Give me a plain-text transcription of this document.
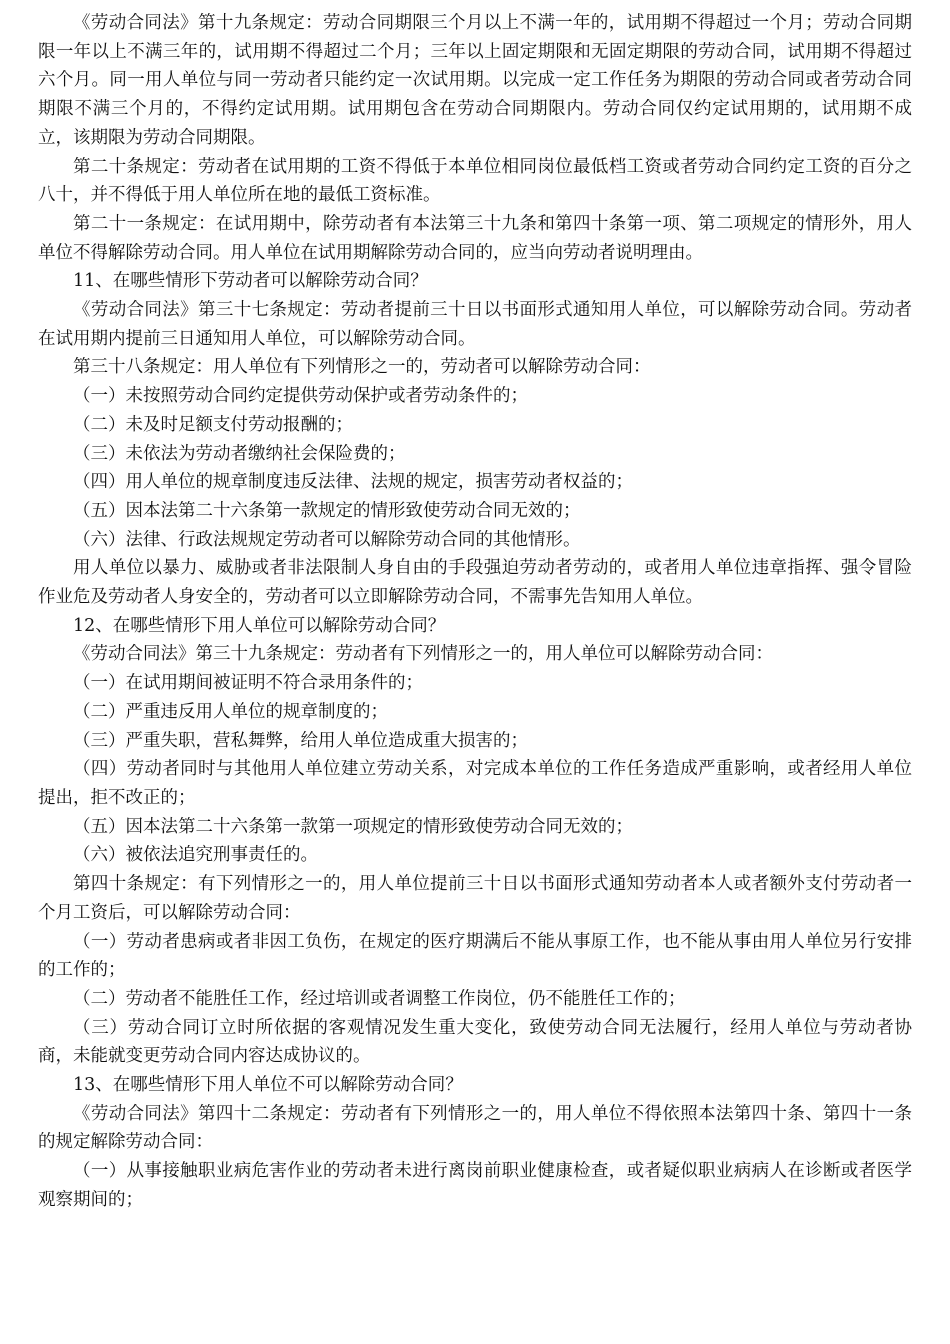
《劳动合同法》第十九条规定：劳动合同期限三个月以上不满一年的，试用期不得超过一个月；劳动合同期限一年以上不满三年的，试用期不得超过二个月；三年以上固定期限和无固定期限的劳动合同，试用期不得超过六个月。同一用人单位与同一劳动者只能约定一次试用期。以完成一定工作任务为期限的劳动合同或者劳动合同期限不满三个月的，不得约定试用期。试用期包含在劳动合同期限内。劳动合同仅约定试用期的，试用期不成立，该期限为劳动合同期限。

第二十条规定：劳动者在试用期的工资不得低于本单位相同岗位最低档工资或者劳动合同约定工资的百分之八十，并不得低于用人单位所在地的最低工资标准。

第二十一条规定：在试用期中，除劳动者有本法第三十九条和第四十条第一项、第二项规定的情形外，用人单位不得解除劳动合同。用人单位在试用期解除劳动合同的，应当向劳动者说明理由。

11、在哪些情形下劳动者可以解除劳动合同？

《劳动合同法》第三十七条规定：劳动者提前三十日以书面形式通知用人单位，可以解除劳动合同。劳动者在试用期内提前三日通知用人单位，可以解除劳动合同。

第三十八条规定：用人单位有下列情形之一的，劳动者可以解除劳动合同：

（一）未按照劳动合同约定提供劳动保护或者劳动条件的；

（二）未及时足额支付劳动报酬的；

（三）未依法为劳动者缴纳社会保险费的；

（四）用人单位的规章制度违反法律、法规的规定，损害劳动者权益的；

（五）因本法第二十六条第一款规定的情形致使劳动合同无效的；

（六）法律、行政法规规定劳动者可以解除劳动合同的其他情形。

用人单位以暴力、威胁或者非法限制人身自由的手段强迫劳动者劳动的，或者用人单位违章指挥、强令冒险作业危及劳动者人身安全的，劳动者可以立即解除劳动合同，不需事先告知用人单位。

12、在哪些情形下用人单位可以解除劳动合同？

《劳动合同法》第三十九条规定：劳动者有下列情形之一的，用人单位可以解除劳动合同：

（一）在试用期间被证明不符合录用条件的；

（二）严重违反用人单位的规章制度的；

（三）严重失职，营私舞弊，给用人单位造成重大损害的；

（四）劳动者同时与其他用人单位建立劳动关系，对完成本单位的工作任务造成严重影响，或者经用人单位提出，拒不改正的；

（五）因本法第二十六条第一款第一项规定的情形致使劳动合同无效的；

（六）被依法追究刑事责任的。

第四十条规定：有下列情形之一的，用人单位提前三十日以书面形式通知劳动者本人或者额外支付劳动者一个月工资后，可以解除劳动合同：

（一）劳动者患病或者非因工负伤，在规定的医疗期满后不能从事原工作，也不能从事由用人单位另行安排的工作的；

（二）劳动者不能胜任工作，经过培训或者调整工作岗位，仍不能胜任工作的；

（三）劳动合同订立时所依据的客观情况发生重大变化，致使劳动合同无法履行，经用人单位与劳动者协商，未能就变更劳动合同内容达成协议的。

13、在哪些情形下用人单位不可以解除劳动合同？

《劳动合同法》第四十二条规定：劳动者有下列情形之一的，用人单位不得依照本法第四十条、第四十一条的规定解除劳动合同：

（一）从事接触职业病危害作业的劳动者未进行离岗前职业健康检查，或者疑似职业病病人在诊断或者医学观察期间的；
